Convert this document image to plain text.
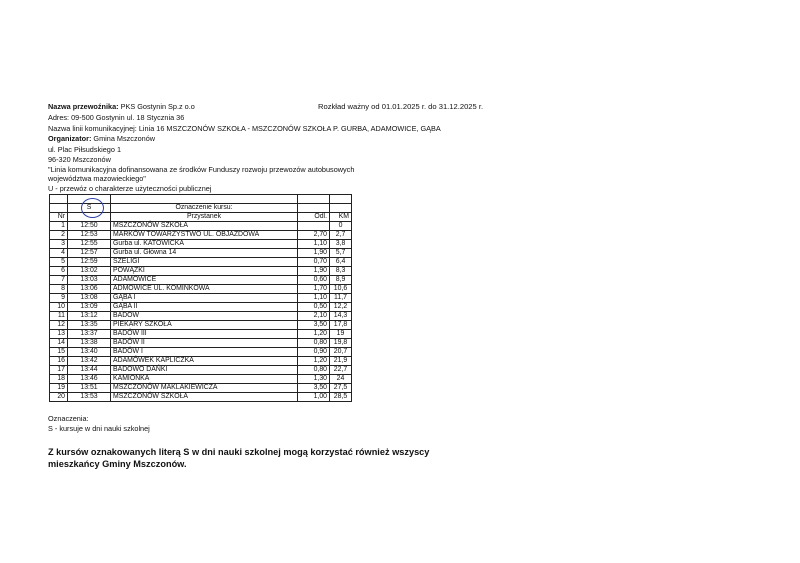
Nazwa przewoźnika: PKS Gostynin Sp.z o.o	Rozkład ważny od 01.01.2025 r. do 31.12.2025 r.
Adres: 09-500 Gostynin ul. 18 Stycznia 36
Nazwa linii komunikacyjnej: Linia 16 MSZCZONÓW SZKOŁA - MSZCZONÓW SZKOŁA P. GURBA, ADAMOWICE, GĄBA
Organizator: Gmina Mszczonów
ul. Plac Piłsudskiego 1
96-320 Mszczonów
"Linia komunikacyjna dofinansowana ze środków Funduszy rozwoju przewozów autobusowych
województwa mazowieckiego"
U - przewóz o charakterze użyteczności publicznej

	S	Oznaczenie kursu:		
Nr		Przystanek	Odl.	KM
1	12:50	MSZCZONÓW SZKOŁA		0
2	12:53	MARKÓW TOWARZYSTWO UL. OBJAZDOWA	2,70	2,7
3	12:55	Gurba ul. KATOWICKA	1,10	3,8
4	12:57	Gurba ul. Główna 14	1,90	5,7
5	12:59	SZELIGI	0,70	6,4
6	13:02	POWĄZKI	1,90	8,3
7	13:03	ADAMOWICE	0,60	8,9
8	13:06	ADMOWICE UL. KOMINKOWA	1,70	10,6
9	13:08	GĄBA I	1,10	11,7
10	13:09	GĄBA II	0,50	12,2
11	13:12	BADOW	2,10	14,3
12	13:35	PIEKARY SZKOŁA	3,50	17,8
13	13:37	BADÓW III	1,20	19
14	13:38	BADÓW II	0,80	19,8
15	13:40	BADÓW I	0,90	20,7
16	13:42	ADAMÓWEK KAPLICZKA	1,20	21,9
17	13:44	BADOWO DAŃKI	0,80	22,7
18	13:46	KAMIONKA	1,30	24
19	13:51	MSZCZONÓW MAKLAKIEWICZA	3,50	27,5
20	13:53	MSZCZONÓW SZKOŁA	1,00	28,5
Oznaczenia:
S - kursuje w dni nauki szkolnej
Z kursów oznakowanych literą S w dni nauki szkolnej mogą korzystać również wszyscy
mieszkańcy Gminy Mszczonów.
